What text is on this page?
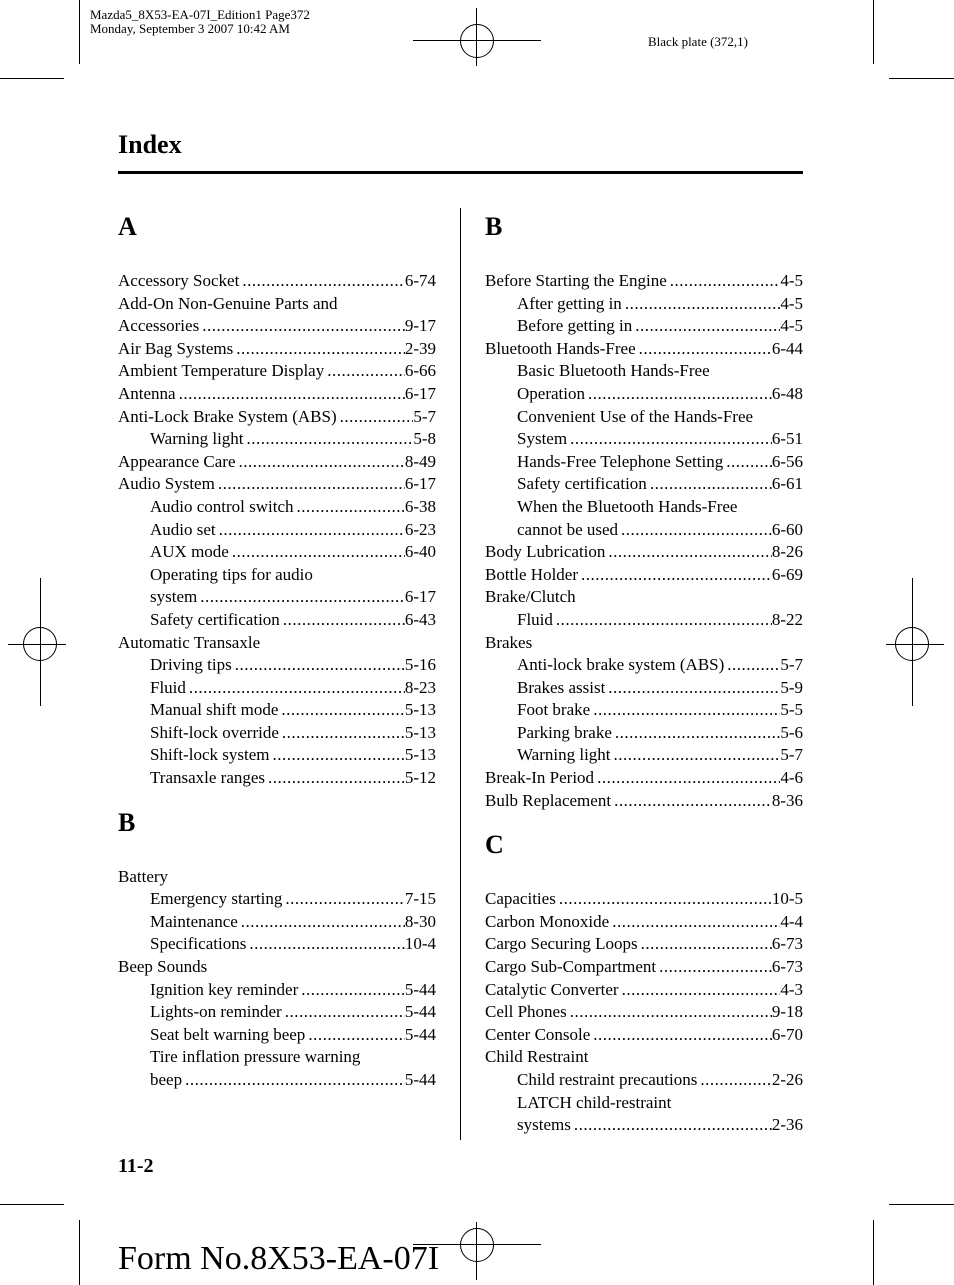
Mazda5_8X53-EA-07I_Edition1 Page372
Monday, September 3 2007 10:42 AM
Black plate (372,1)
Index
A
Accessory Socket .....	6-74
Add-On Non-Genuine Parts and
Accessories .....	9-17
Air Bag Systems .....	2-39
Ambient Temperature Display .....	6-66
Antenna .....	6-17
Anti-Lock Brake System (ABS) .....	5-7
Warning light .....	5-8
Appearance Care .....	8-49
Audio System .....	6-17
Audio control switch .....	6-38
Audio set .....	6-23
AUX mode .....	6-40
Operating tips for audio
system .....	6-17
Safety certification .....	6-43
Automatic Transaxle
Driving tips .....	5-16
Fluid .....	8-23
Manual shift mode .....	5-13
Shift-lock override .....	5-13
Shift-lock system .....	5-13
Transaxle ranges .....	5-12
B
Battery
Emergency starting .....	7-15
Maintenance .....	8-30
Specifications .....	10-4
Beep Sounds
Ignition key reminder .....	5-44
Lights-on reminder .....	5-44
Seat belt warning beep .....	5-44
Tire inflation pressure warning
beep .....	5-44
B
Before Starting the Engine .....	4-5
After getting in .....	4-5
Before getting in .....	4-5
Bluetooth Hands-Free .....	6-44
Basic Bluetooth Hands-Free
Operation .....	6-48
Convenient Use of the Hands-Free
System .....	6-51
Hands-Free Telephone Setting .....	6-56
Safety certification .....	6-61
When the Bluetooth Hands-Free
cannot be used .....	6-60
Body Lubrication .....	8-26
Bottle Holder .....	6-69
Brake/Clutch
Fluid .....	8-22
Brakes
Anti-lock brake system (ABS) .....	5-7
Brakes assist .....	5-9
Foot brake .....	5-5
Parking brake .....	5-6
Warning light .....	5-7
Break-In Period .....	4-6
Bulb Replacement .....	8-36
C
Capacities .....	10-5
Carbon Monoxide .....	4-4
Cargo Securing Loops .....	6-73
Cargo Sub-Compartment .....	6-73
Catalytic Converter .....	4-3
Cell Phones .....	9-18
Center Console .....	6-70
Child Restraint
Child restraint precautions .....	2-26
LATCH child-restraint
systems .....	2-36
11-2
Form No.8X53-EA-07I
